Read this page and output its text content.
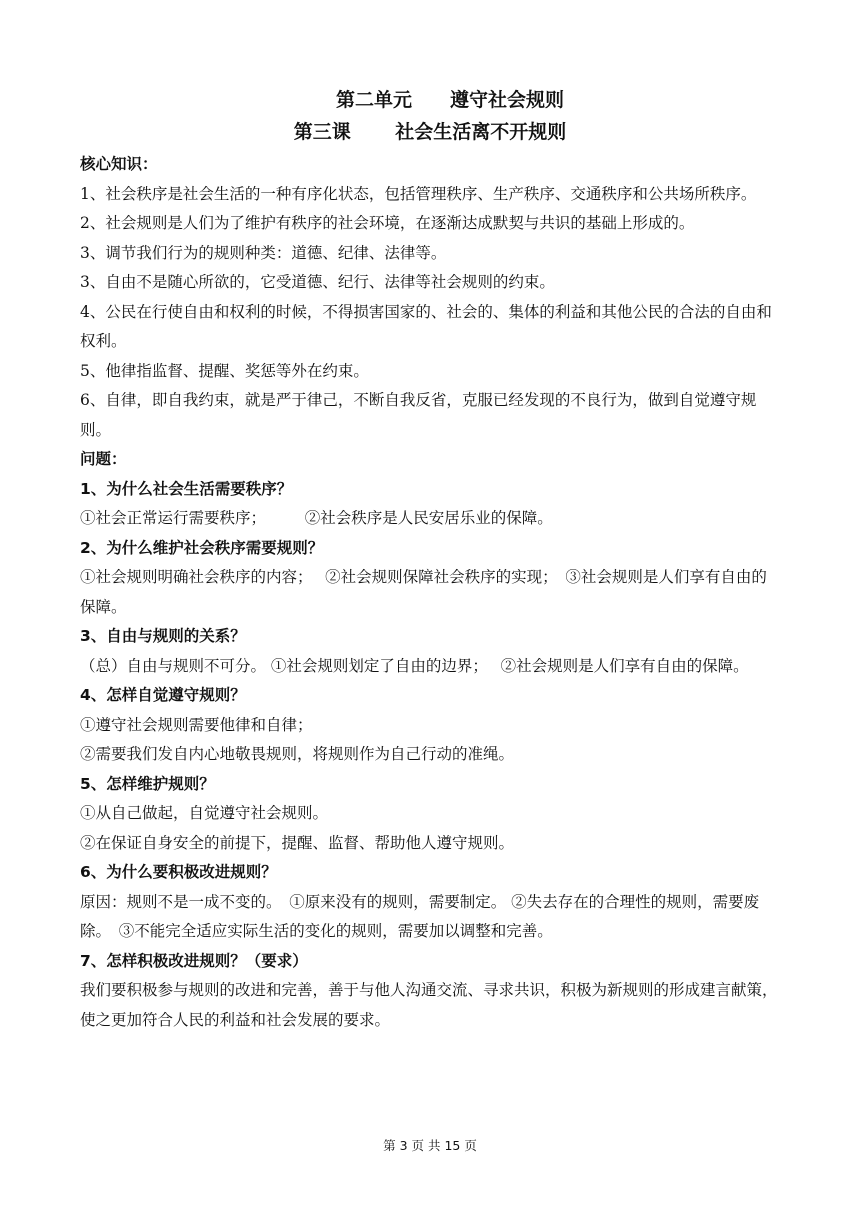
第二单元　　遵守社会规则
第三课　　 社会生活离不开规则
核心知识：
1、社会秩序是社会生活的一种有序化状态，包括管理秩序、生产秩序、交通秩序和公共场所秩序。
2、社会规则是人们为了维护有秩序的社会环境，在逐渐达成默契与共识的基础上形成的。
3、调节我们行为的规则种类：道德、纪律、法律等。
3、自由不是随心所欲的，它受道德、纪行、法律等社会规则的约束。
4、公民在行使自由和权利的时候，不得损害国家的、社会的、集体的利益和其他公民的合法的自由和权利。
5、他律指监督、提醒、奖惩等外在约束。
6、自律，即自我约束，就是严于律己，不断自我反省，克服已经发现的不良行为，做到自觉遵守规则。
问题：
1、为什么社会生活需要秩序？
①社会正常运行需要秩序；　　　②社会秩序是人民安居乐业的保障。
2、为什么维护社会秩序需要规则？
①社会规则明确社会秩序的内容；　 ②社会规则保障社会秩序的实现；　③社会规则是人们享有自由的保障。
3、自由与规则的关系？
（总）自由与规则不可分。 ①社会规则划定了自由的边界；　 ②社会规则是人们享有自由的保障。
4、怎样自觉遵守规则？
①遵守社会规则需要他律和自律；
②需要我们发自内心地敬畏规则，将规则作为自己行动的准绳。
5、怎样维护规则？
①从自己做起，自觉遵守社会规则。
②在保证自身安全的前提下，提醒、监督、帮助他人遵守规则。
6、为什么要积极改进规则？
原因：规则不是一成不变的。　①原来没有的规则，需要制定。 ②失去存在的合理性的规则，需要废除。　③不能完全适应实际生活的变化的规则，需要加以调整和完善。
7、怎样积极改进规则？（要求）
我们要积极参与规则的改进和完善，善于与他人沟通交流、寻求共识，积极为新规则的形成建言献策，使之更加符合人民的利益和社会发展的要求。
第 3 页 共 15 页
